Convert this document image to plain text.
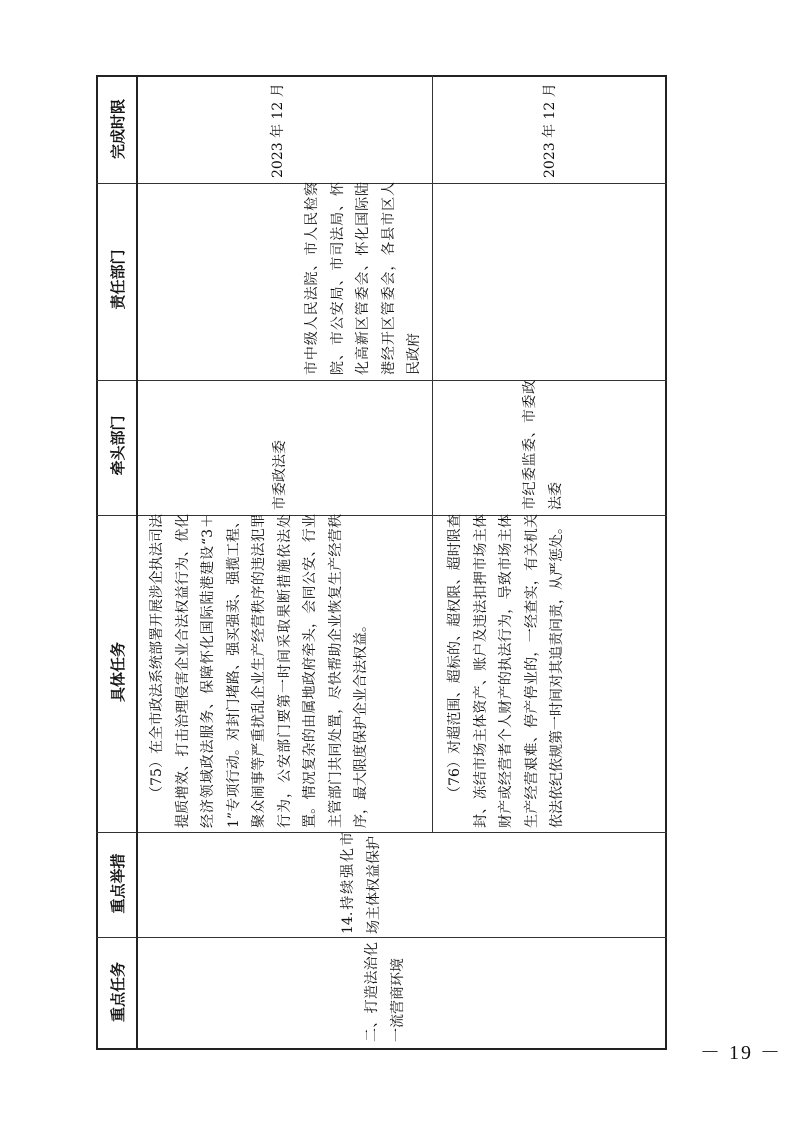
重点任务
重点举措
具体任务
牵头部门
责任部门
完成时限
二、打造法治化一流营商环境
14.持续强化市场主体权益保护
（75）在全市政法系统部署开展涉企执法司法提质增效、打击治理侵害企业合法权益行为、优化经济领域政法服务、保障怀化国际陆港建设“3＋1”专项行动。对封门堵路、强买强卖、强揽工程、聚众闹事等严重扰乱企业生产经营秩序的违法犯罪行为，公安部门要第一时间采取果断措施依法处置。情况复杂的由属地政府牵头，会同公安、行业主管部门共同处置，尽快帮助企业恢复生产经营秩序，最大限度保护企业合法权益。
市委政法委
市中级人民法院、市人民检察院、市公安局、市司法局、怀化高新区管委会、怀化国际陆港经开区管委会，各县市区人民政府
2023 年 12 月
（76）对超范围、超标的、超权限、超时限查封、冻结市场主体资产、账户及违法扣押市场主体财产或经营者个人财产的执法行为，导致市场主体生产经营艰难、停产停业的，一经查实，有关机关依法依纪依规第一时间对其追责问责，从严惩处。
市纪委监委、市委政法委
2023 年 12 月
－ 19 －
